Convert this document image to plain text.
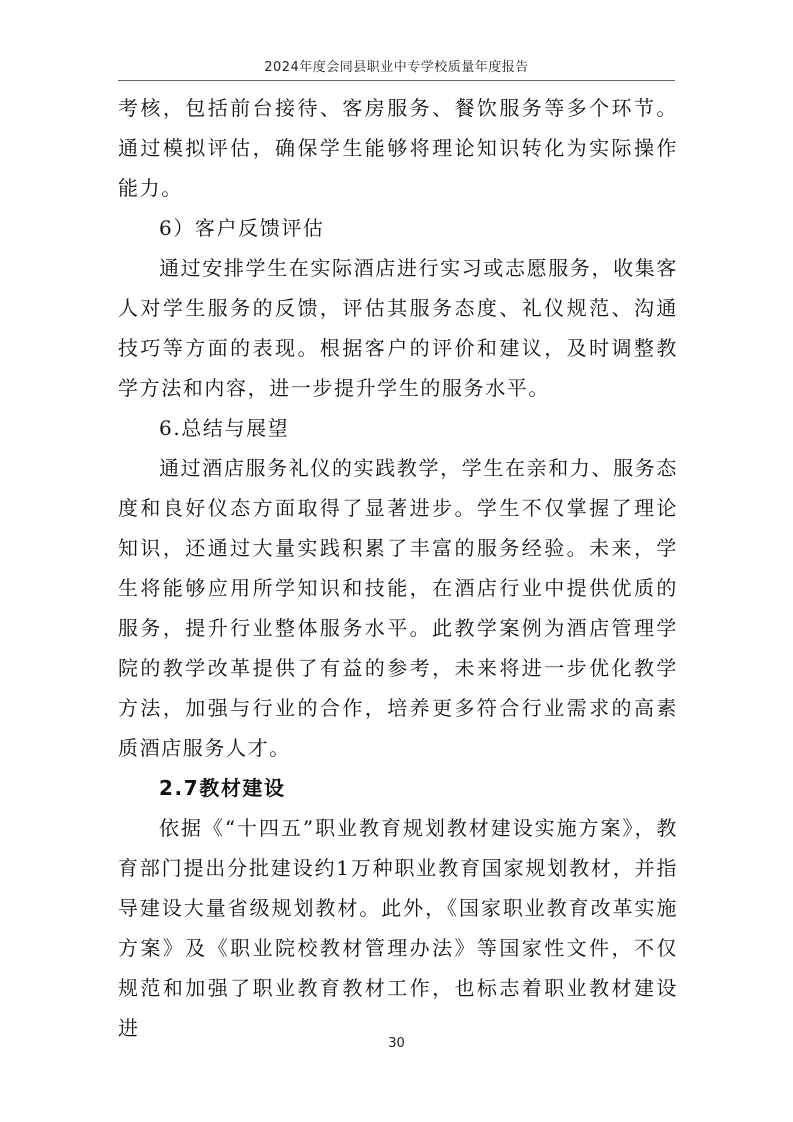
2024年度会同县职业中专学校质量年度报告

考核，包括前台接待、客房服务、餐饮服务等多个环节。通过模拟评估，确保学生能够将理论知识转化为实际操作能力。

6）客户反馈评估

通过安排学生在实际酒店进行实习或志愿服务，收集客人对学生服务的反馈，评估其服务态度、礼仪规范、沟通技巧等方面的表现。根据客户的评价和建议，及时调整教学方法和内容，进一步提升学生的服务水平。

6.总结与展望

通过酒店服务礼仪的实践教学，学生在亲和力、服务态度和良好仪态方面取得了显著进步。学生不仅掌握了理论知识，还通过大量实践积累了丰富的服务经验。未来，学生将能够应用所学知识和技能，在酒店行业中提供优质的服务，提升行业整体服务水平。此教学案例为酒店管理学院的教学改革提供了有益的参考，未来将进一步优化教学方法，加强与行业的合作，培养更多符合行业需求的高素质酒店服务人才。

2.7教材建设

依据《“十四五”职业教育规划教材建设实施方案》，教育部门提出分批建设约1万种职业教育国家规划教材，并指导建设大量省级规划教材。此外，《国家职业教育改革实施方案》及《职业院校教材管理办法》等国家性文件，不仅规范和加强了职业教育教材工作，也标志着职业教材建设进

30
